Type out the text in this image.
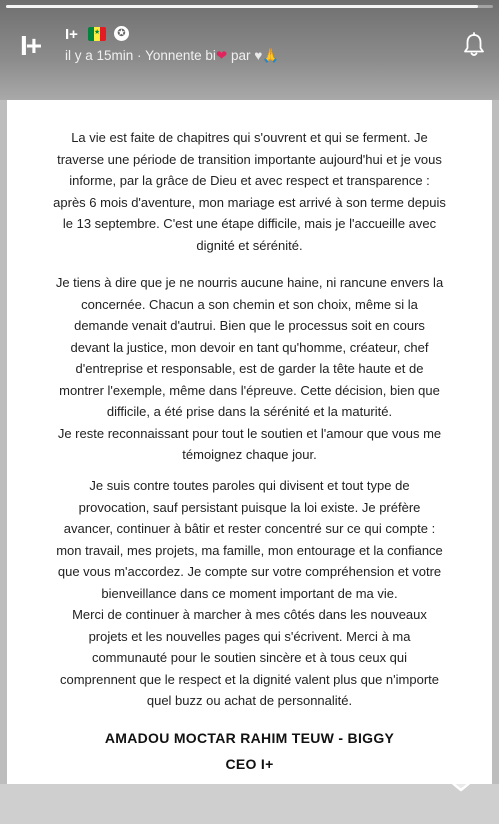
I+	I+ ★	✪
il y a 15min · Yonnente bi❤ par ♥🙏
La vie est faite de chapitres qui s'ouvrent et qui se ferment. Je
traverse une période de transition importante aujourd'hui et je vous
informe, par la grâce de Dieu et avec respect et transparence :
après 6 mois d'aventure, mon mariage est arrivé à son terme depuis
le 13 septembre. C'est une étape difficile, mais je l'accueille avec
dignité et sérénité.
Je tiens à dire que je ne nourris aucune haine, ni rancune envers la
concernée. Chacun a son chemin et son choix, même si la
demande venait d'autrui. Bien que le processus soit en cours
devant la justice, mon devoir en tant qu'homme, créateur, chef
d'entreprise et responsable, est de garder la tête haute et de
montrer l'exemple, même dans l'épreuve. Cette décision, bien que
difficile, a été prise dans la sérénité et la maturité.
Je reste reconnaissant pour tout le soutien et l'amour que vous me
témoignez chaque jour.
Je suis contre toutes paroles qui divisent et tout type de
provocation, sauf persistant puisque la loi existe. Je préfère
avancer, continuer à bâtir et rester concentré sur ce qui compte :
mon travail, mes projets, ma famille, mon entourage et la confiance
que vous m'accordez. Je compte sur votre compréhension et votre
bienveillance dans ce moment important de ma vie.
Merci de continuer à marcher à mes côtés dans les nouveaux
projets et les nouvelles pages qui s'écrivent. Merci à ma
communauté pour le soutien sincère et à tous ceux qui
comprennent que le respect et la dignité valent plus que n'importe
quel buzz ou achat de personnalité.

AMADOU MOCTAR RAHIM TEUW - BIGGY

CEO I+
